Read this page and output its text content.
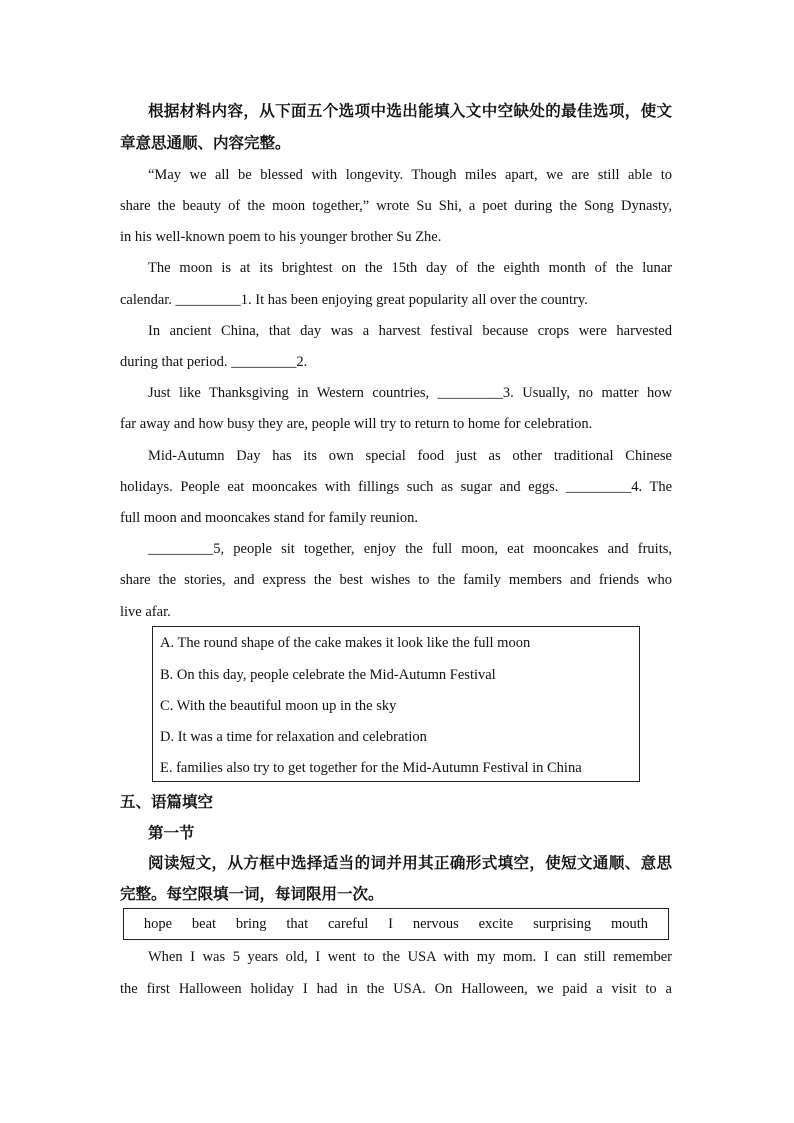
根据材料内容，从下面五个选项中选出能填入文中空缺处的最佳选项，使文
章意思通顺、内容完整。
“May we all be blessed with longevity. Though miles apart, we are still able to
share the beauty of the moon together,” wrote Su Shi, a poet during the Song Dynasty,
in his well-known poem to his younger brother Su Zhe.
The moon is at its brightest on the 15th day of the eighth month of the lunar
calendar. _________1. It has been enjoying great popularity all over the country.
In ancient China, that day was a harvest festival because crops were harvested
during that period. _________2.
Just like Thanksgiving in Western countries, _________3. Usually, no matter how
far away and how busy they are, people will try to return to home for celebration.
Mid-Autumn Day has its own special food just as other traditional Chinese
holidays. People eat mooncakes with fillings such as sugar and eggs. _________4. The
full moon and mooncakes stand for family reunion.
_________5, people sit together, enjoy the full moon, eat mooncakes and fruits,
share the stories, and express the best wishes to the family members and friends who
live afar.
A. The round shape of the cake makes it look like the full moon
B. On this day, people celebrate the Mid-Autumn Festival
C. With the beautiful moon up in the sky
D. It was a time for relaxation and celebration
E. families also try to get together for the Mid-Autumn Festival in China
五、语篇填空
第一节
阅读短文，从方框中选择适当的词并用其正确形式填空，使短文通顺、意思
完整。每空限填一词，每词限用一次。
hope beat bring that careful I nervous excite surprising mouth
When I was 5 years old, I went to the USA with my mom. I can still remember
the first Halloween holiday I had in the USA. On Halloween, we paid a visit to a
